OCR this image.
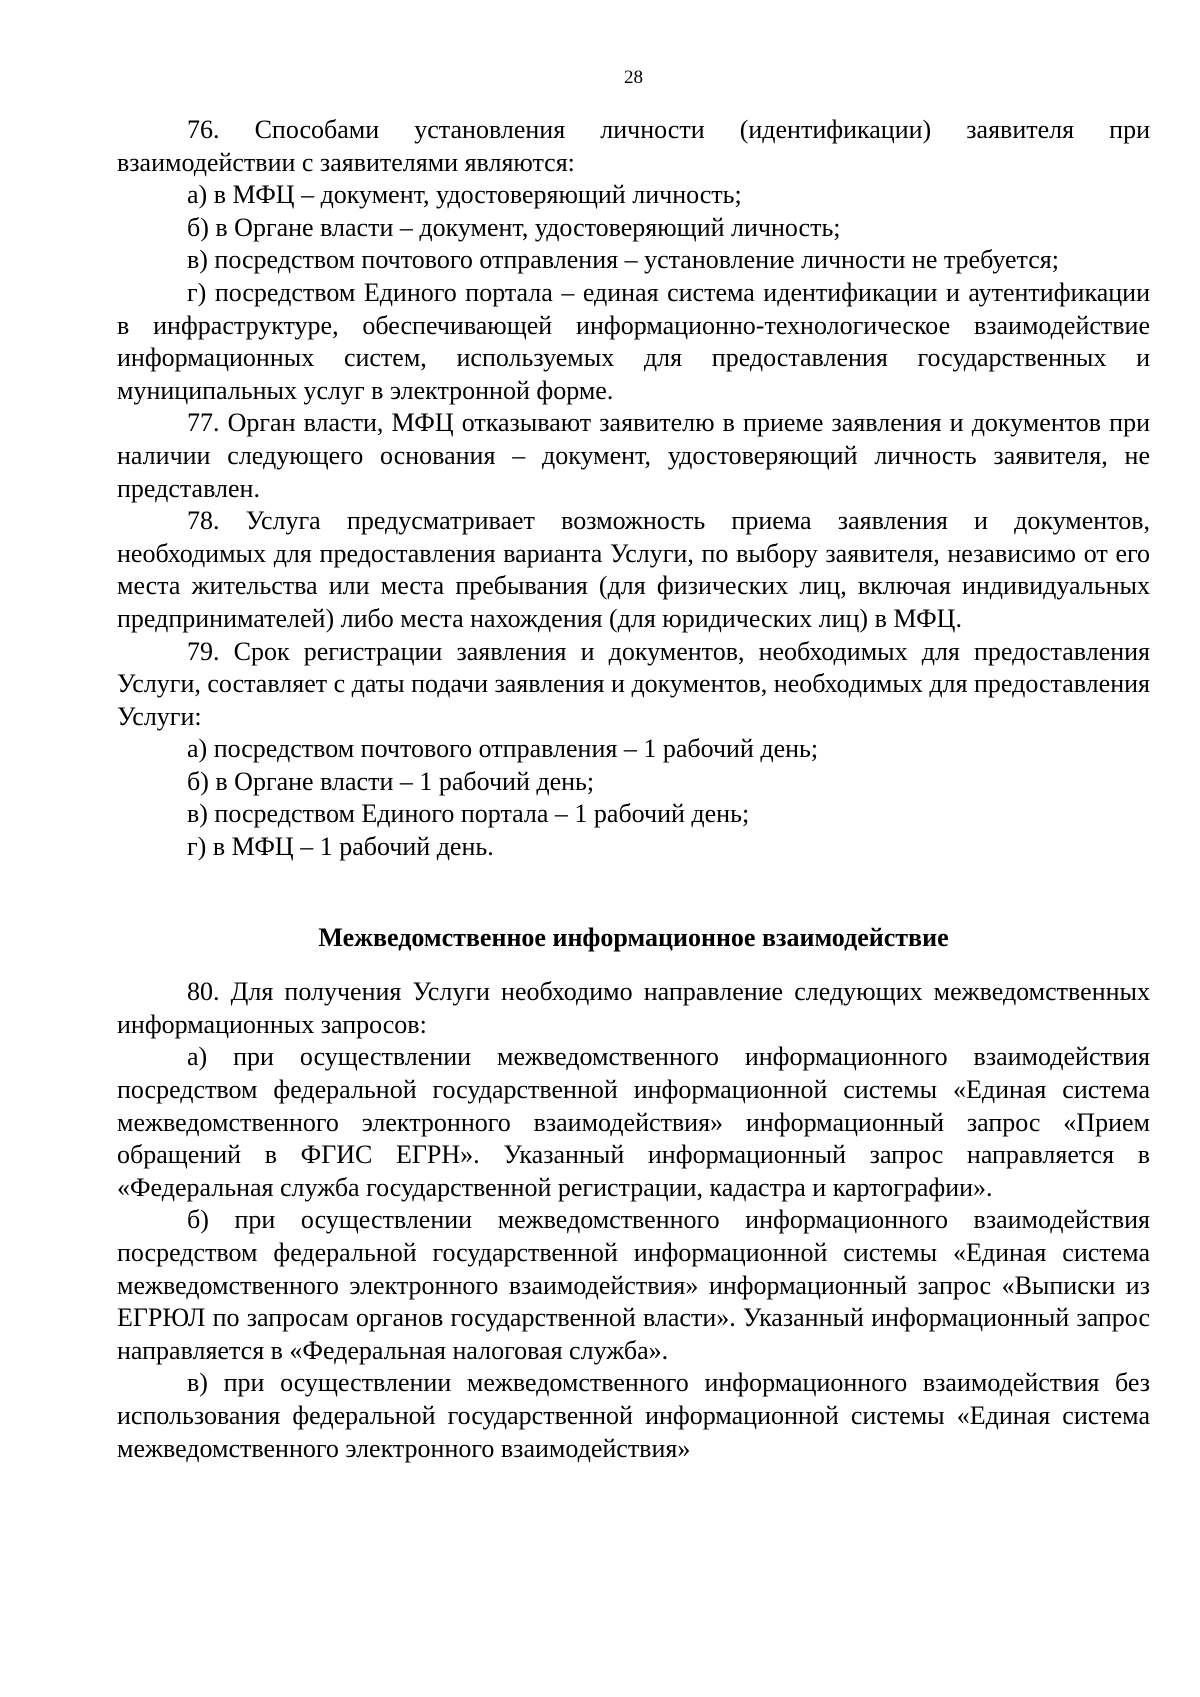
28

76. Способами установления личности (идентификации) заявителя при взаимодействии с заявителями являются:

а) в МФЦ – документ, удостоверяющий личность;

б) в Органе власти – документ, удостоверяющий личность;

в) посредством почтового отправления – установление личности не требуется;

г) посредством Единого портала – единая система идентификации и аутентификации в инфраструктуре, обеспечивающей информационно-технологическое взаимодействие информационных систем, используемых для предоставления государственных и муниципальных услуг в электронной форме.

77. Орган власти, МФЦ отказывают заявителю в приеме заявления и документов при наличии следующего основания – документ, удостоверяющий личность заявителя, не представлен.

78. Услуга предусматривает возможность приема заявления и документов, необходимых для предоставления варианта Услуги, по выбору заявителя, независимо от его места жительства или места пребывания (для физических лиц, включая индивидуальных предпринимателей) либо места нахождения (для юридических лиц) в МФЦ.

79. Срок регистрации заявления и документов, необходимых для предоставления Услуги, составляет с даты подачи заявления и документов, необходимых для предоставления Услуги:

а) посредством почтового отправления – 1 рабочий день;

б) в Органе власти – 1 рабочий день;

в) посредством Единого портала – 1 рабочий день;

г) в МФЦ – 1 рабочий день.

Межведомственное информационное взаимодействие

80. Для получения Услуги необходимо направление следующих межведомственных информационных запросов:

а) при осуществлении межведомственного информационного взаимодействия посредством федеральной государственной информационной системы «Единая система межведомственного электронного взаимодействия» информационный запрос «Прием обращений в ФГИС ЕГРН». Указанный информационный запрос направляется в «Федеральная служба государственной регистрации, кадастра и картографии».

б) при осуществлении межведомственного информационного взаимодействия посредством федеральной государственной информационной системы «Единая система межведомственного электронного взаимодействия» информационный запрос «Выписки из ЕГРЮЛ по запросам органов государственной власти». Указанный информационный запрос направляется в «Федеральная налоговая служба».

в) при осуществлении межведомственного информационного взаимодействия без использования федеральной государственной информационной системы «Единая система межведомственного электронного взаимодействия»
